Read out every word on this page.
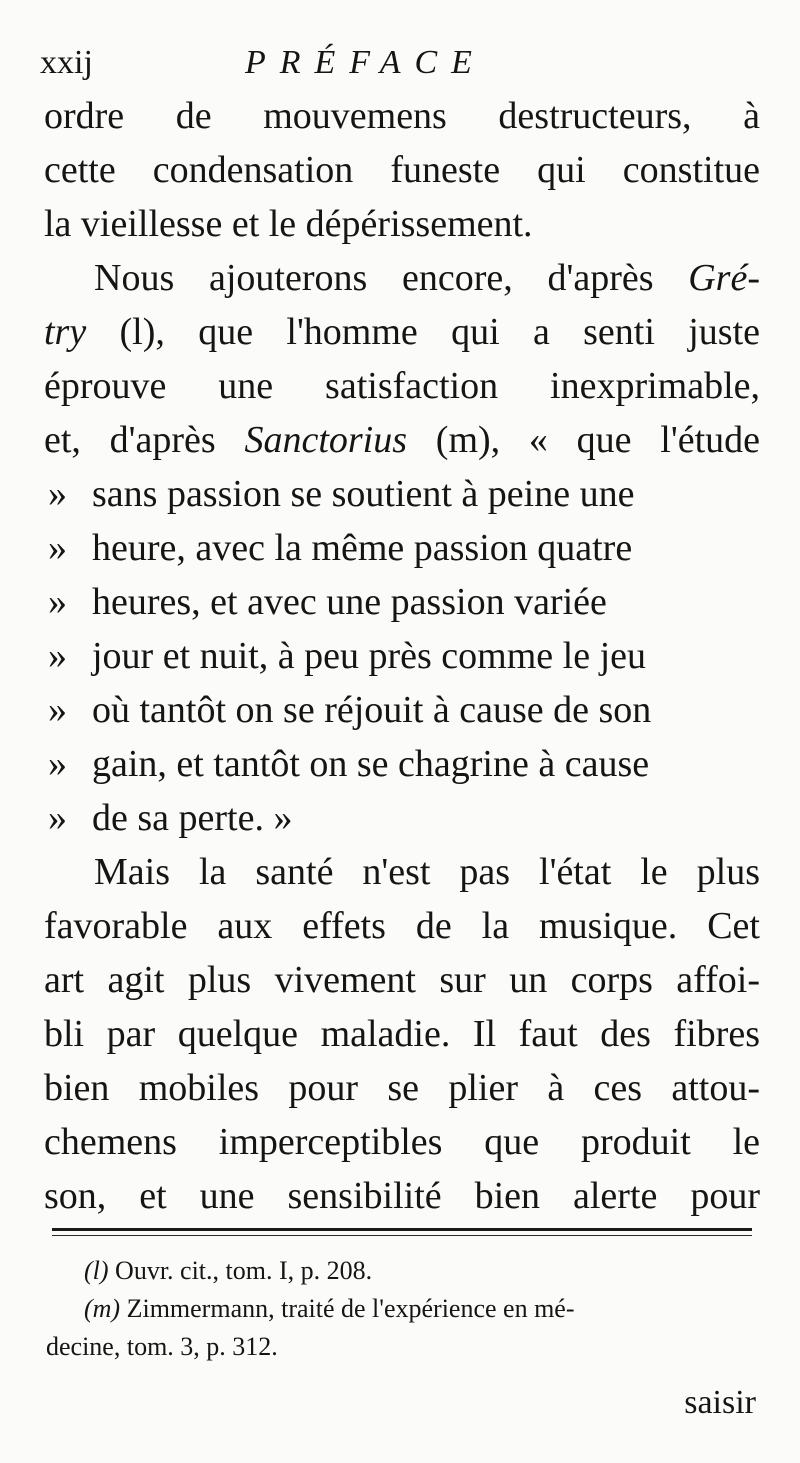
xxij	PRÉFACE
ordre de mouvemens destructeurs, à
cette condensation funeste qui constitue
la vieillesse et le dépérissement.
Nous ajouterons encore, d'après Gré-
try (l), que l'homme qui a senti juste
éprouve une satisfaction inexprimable,
et, d'après Sanctorius (m), « que l'étude
» sans passion se soutient à peine une
» heure, avec la même passion quatre
» heures, et avec une passion variée
» jour et nuit, à peu près comme le jeu
» où tantôt on se réjouit à cause de son
» gain, et tantôt on se chagrine à cause
» de sa perte. »
Mais la santé n'est pas l'état le plus
favorable aux effets de la musique. Cet
art agit plus vivement sur un corps affoi-
bli par quelque maladie. Il faut des fibres
bien mobiles pour se plier à ces attou-
chemens imperceptibles que produit le
son, et une sensibilité bien alerte pour
(l) Ouvr. cit., tom. I, p. 208.
(m) Zimmermann, traité de l'expérience en mé-
decine, tom. 3, p. 312.
saisir
